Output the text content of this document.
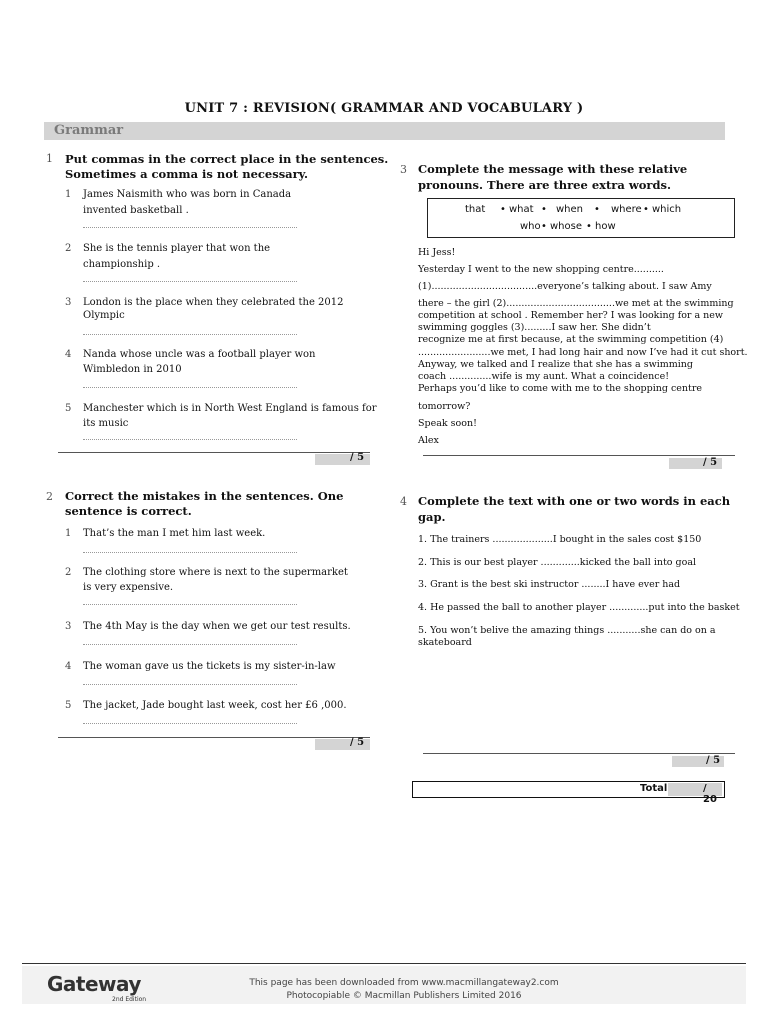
UNIT 7 : REVISION( GRAMMAR AND VOCABULARY )
Grammar
1 Put commas in the correct place in the sentences.
Sometimes a comma is not necessary.
1 James Naismith who was born in Canada
invented basketball .
2 She is the tennis player that won the
championship .
3 London is the place when they celebrated the 2012
Olympic
4 Nanda whose uncle was a football player won
Wimbledon in 2010
5 Manchester which is in North West England is famous for
its music
/ 5
2 Correct the mistakes in the sentences. One
sentence is correct.
1 That’s the man I met him last week.
2 The clothing store where is next to the supermarket
is very expensive.
3 The 4th May is the day when we get our test results.
4 The woman gave us the tickets is my sister-in-law
5 The jacket, Jade bought last week, cost her £6 ,000.
/ 5
3 Complete the message with these relative
pronouns. There are three extra words.
that • what • when • where • which
who • whose • how
Hi Jess!
Yesterday I went to the new shopping centre..........
(1)...................................everyone’s talking about. I saw Amy
there – the girl (2)....................................we met at the swimming
competition at school . Remember her? I was looking for a new
swimming goggles (3).........I saw her. She didn’t
recognize me at first because, at the swimming competition (4)
........................we met, I had long hair and now I’ve had it cut short.
Anyway, we talked and I realize that she has a swimming
coach ..............wife is my aunt. What a coincidence!
Perhaps you’d like to come with me to the shopping centre
tomorrow?
Speak soon!
Alex
/ 5
4 Complete the text with one or two words in each
gap.
1. The trainers ....................I bought in the sales cost $150
2. This is our best player .............kicked the ball into goal
3. Grant is the best ski instructor ........I have ever had
4. He passed the ball to another player .............put into the basket
5. You won’t belive the amazing things ...........she can do on a
skateboard
/ 5
Total	/ 20
Gateway
2nd Edition
This page has been downloaded from www.macmillangateway2.com
Photocopiable © Macmillan Publishers Limited 2016
